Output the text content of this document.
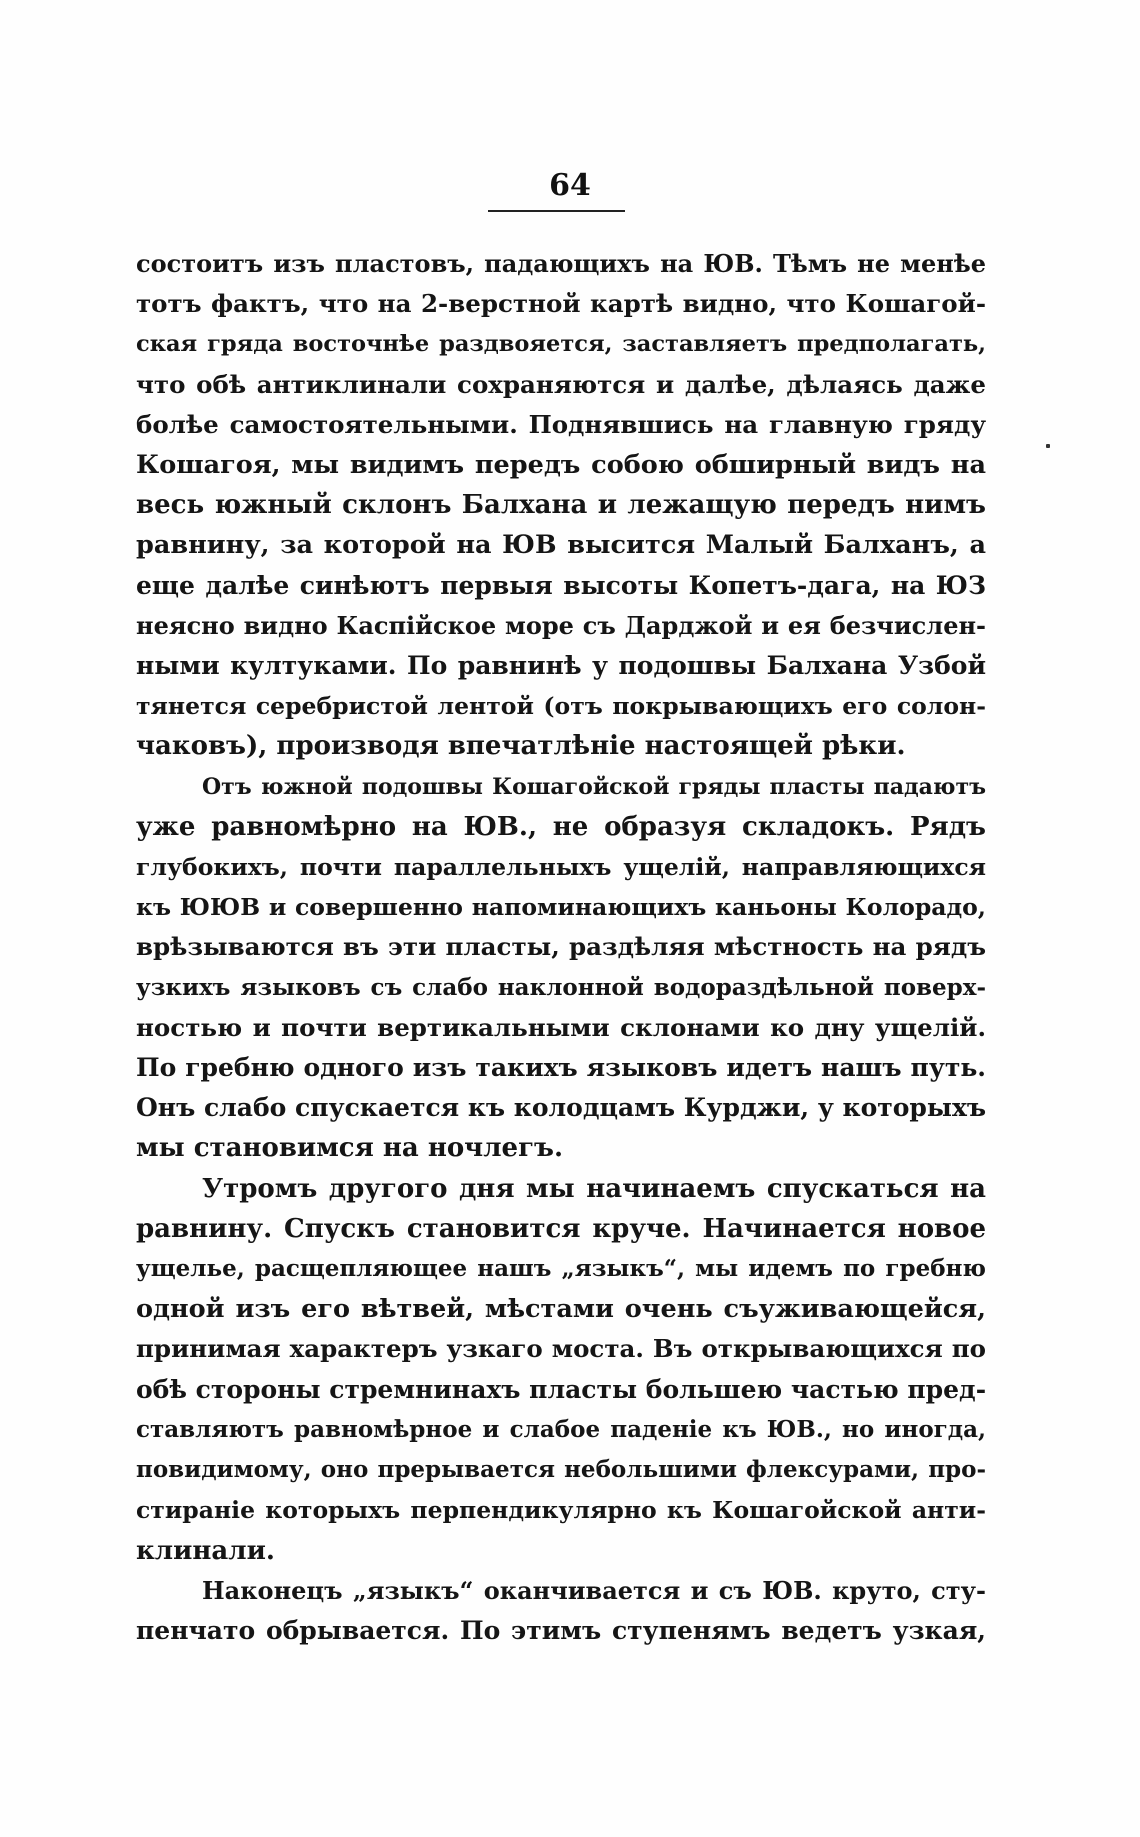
64
состоитъ изъ пластовъ, падающихъ на ЮВ. Тѣмъ не менѣе
тотъ фактъ, что на 2-верстной картѣ видно, что Кошагой-
ская гряда восточнѣе раздвояется, заставляетъ предполагать,
что обѣ антиклинали сохраняются и далѣе, дѣлаясь даже
болѣе самостоятельными. Поднявшись на главную гряду
Кошагоя, мы видимъ передъ собою обширный видъ на
весь южный склонъ Балхана и лежащую передъ нимъ
равнину, за которой на ЮВ высится Малый Балханъ, а
еще далѣе синѣютъ первыя высоты Копетъ-дага, на ЮЗ
неясно видно Каспійское море съ Дарджой и ея безчислен-
ными култуками. По равнинѣ у подошвы Балхана Узбой
тянется серебристой лентой (отъ покрывающихъ его солон-
чаковъ), производя впечатлѣніе настоящей рѣки.
Отъ южной подошвы Кошагойской гряды пласты падаютъ
уже равномѣрно на ЮВ., не образуя складокъ. Рядъ
глубокихъ, почти параллельныхъ ущелій, направляющихся
къ ЮЮВ и совершенно напоминающихъ каньоны Колорадо,
врѣзываются въ эти пласты, раздѣляя мѣстность на рядъ
узкихъ языковъ съ слабо наклонной водораздѣльной поверх-
ностью и почти вертикальными склонами ко дну ущелій.
По гребню одного изъ такихъ языковъ идетъ нашъ путь.
Онъ слабо спускается къ колодцамъ Курджи, у которыхъ
мы становимся на ночлегъ.
Утромъ другого дня мы начинаемъ спускаться на
равнину. Спускъ становится круче. Начинается новое
ущелье, расщепляющее нашъ „языкъ“, мы идемъ по гребню
одной изъ его вѣтвей, мѣстами очень съуживающейся,
принимая характеръ узкаго моста. Въ открывающихся по
обѣ стороны стремнинахъ пласты большею частью пред-
ставляютъ равномѣрное и слабое паденіе къ ЮВ., но иногда,
повидимому, оно прерывается небольшими флексурами, про-
стираніе которыхъ перпендикулярно къ Кошагойской анти-
клинали.
Наконецъ „языкъ“ оканчивается и съ ЮВ. круто, сту-
пенчато обрывается. По этимъ ступенямъ ведетъ узкая,
